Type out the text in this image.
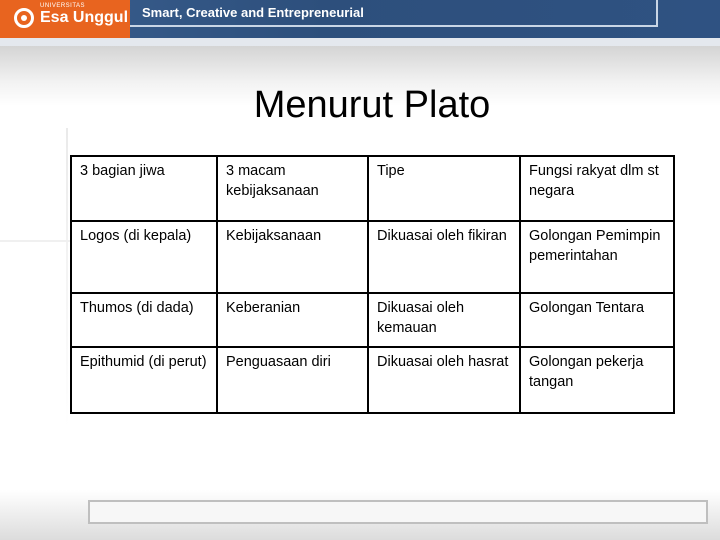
UNIVERSITAS
Esa Unggul Smart, Creative and Entrepreneurial
Menurut Plato
3 bagian jiwa	3 macam kebijaksanaan	Tipe	Fungsi rakyat dlm st negara
Logos (di kepala)	Kebijaksanaan	Dikuasai oleh fikiran	Golongan Pemimpin pemerintahan
Thumos (di dada)	Keberanian	Dikuasai oleh kemauan	Golongan Tentara
Epithumid (di perut)	Penguasaan diri	Dikuasai oleh hasrat	Golongan pekerja tangan
